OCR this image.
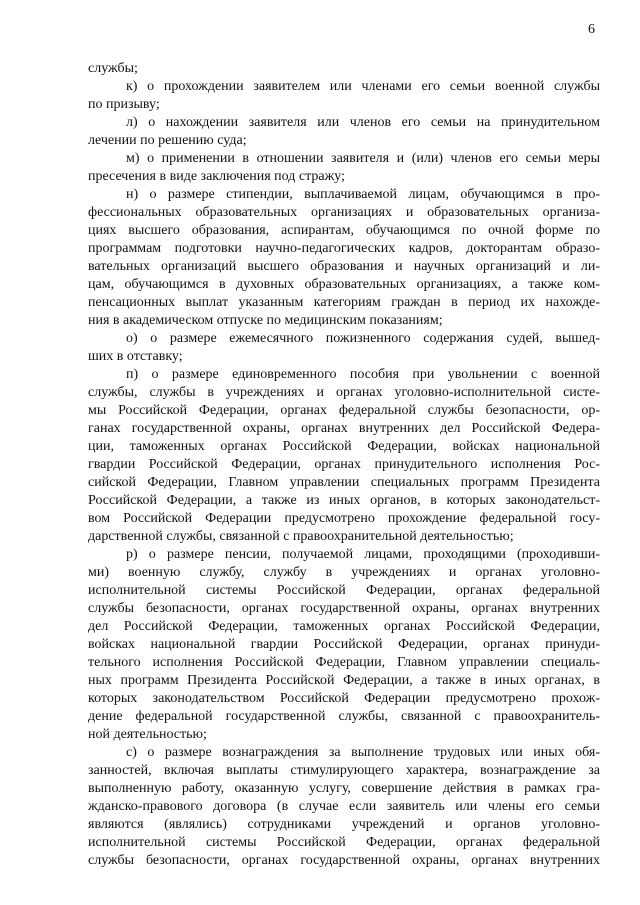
6
службы;
к) о прохождении заявителем или членами его семьи военной службы
по призыву;
л) о нахождении заявителя или членов его семьи на принудительном
лечении по решению суда;
м) о применении в отношении заявителя и (или) членов его семьи меры
пресечения в виде заключения под стражу;
н) о размере стипендии, выплачиваемой лицам, обучающимся в про-
фессиональных образовательных организациях и образовательных организа-
циях высшего образования, аспирантам, обучающимся по очной форме по
программам подготовки научно-педагогических кадров, докторантам образо-
вательных организаций высшего образования и научных организаций и ли-
цам, обучающимся в духовных образовательных организациях, а также ком-
пенсационных выплат указанным категориям граждан в период их нахожде-
ния в академическом отпуске по медицинским показаниям;
о) о размере ежемесячного пожизненного содержания судей, вышед-
ших в отставку;
п) о размере единовременного пособия при увольнении с военной
службы, службы в учреждениях и органах уголовно-исполнительной систе-
мы Российской Федерации, органах федеральной службы безопасности, ор-
ганах государственной охраны, органах внутренних дел Российской Федера-
ции, таможенных органах Российской Федерации, войсках национальной
гвардии Российской Федерации, органах принудительного исполнения Рос-
сийской Федерации, Главном управлении специальных программ Президента
Российской Федерации, а также из иных органов, в которых законодательст-
вом Российской Федерации предусмотрено прохождение федеральной госу-
дарственной службы, связанной с правоохранительной деятельностью;
р) о размере пенсии, получаемой лицами, проходящими (проходивши-
ми) военную службу, службу в учреждениях и органах уголовно-
исполнительной системы Российской Федерации, органах федеральной
службы безопасности, органах государственной охраны, органах внутренних
дел Российской Федерации, таможенных органах Российской Федерации,
войсках национальной гвардии Российской Федерации, органах принуди-
тельного исполнения Российской Федерации, Главном управлении специаль-
ных программ Президента Российской Федерации, а также в иных органах, в
которых законодательством Российской Федерации предусмотрено прохож-
дение федеральной государственной службы, связанной с правоохранитель-
ной деятельностью;
с) о размере вознаграждения за выполнение трудовых или иных обя-
занностей, включая выплаты стимулирующего характера, вознаграждение за
выполненную работу, оказанную услугу, совершение действия в рамках гра-
жданско-правового договора (в случае если заявитель или члены его семьи
являются (являлись) сотрудниками учреждений и органов уголовно-
исполнительной системы Российской Федерации, органах федеральной
службы безопасности, органах государственной охраны, органах внутренних
